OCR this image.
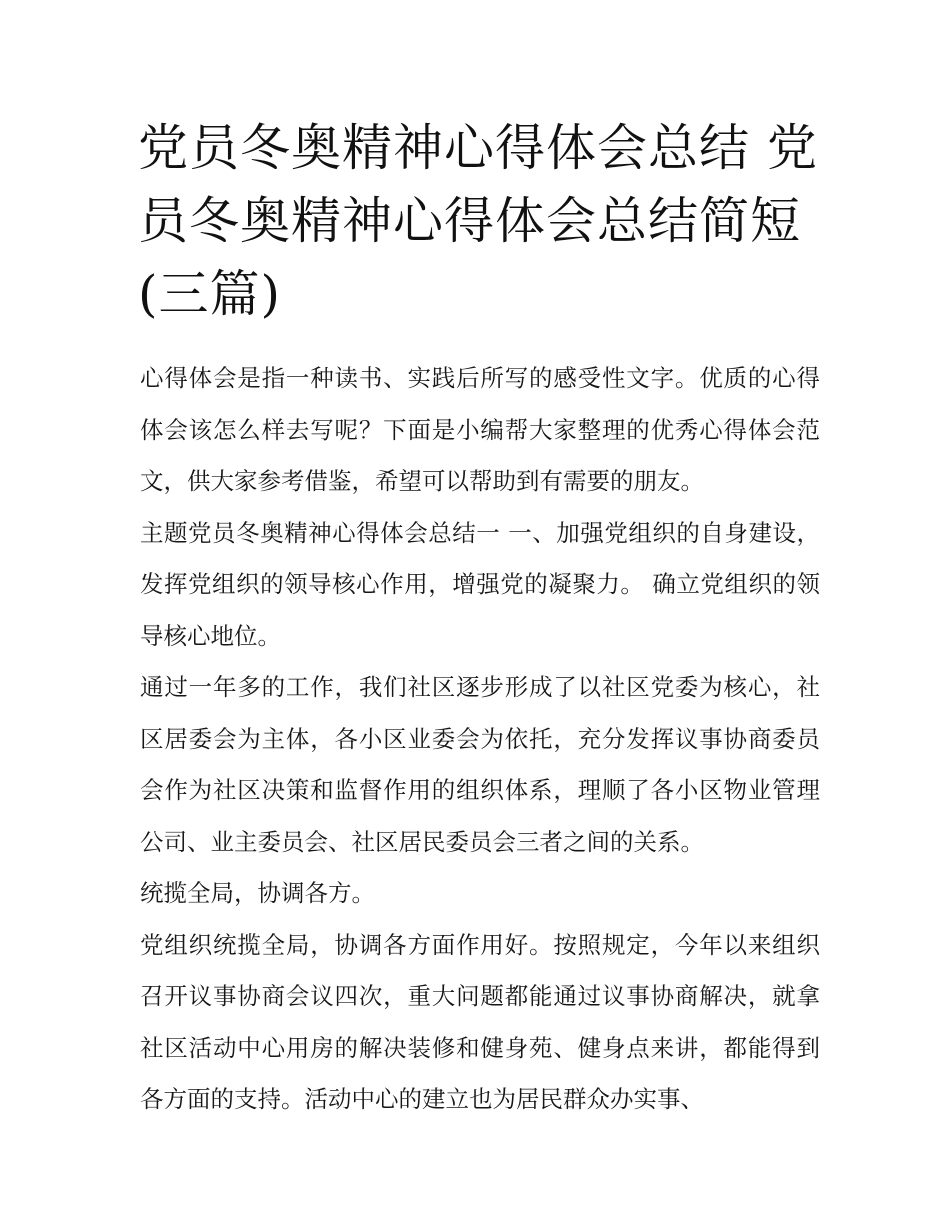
党员冬奥精神心得体会总结 党员冬奥精神心得体会总结简短(三篇)

心得体会是指一种读书、实践后所写的感受性文字。优质的心得体会该怎么样去写呢？下面是小编帮大家整理的优秀心得体会范文，供大家参考借鉴，希望可以帮助到有需要的朋友。

主题党员冬奥精神心得体会总结一 一、加强党组织的自身建设，发挥党组织的领导核心作用，增强党的凝聚力。 确立党组织的领导核心地位。

通过一年多的工作，我们社区逐步形成了以社区党委为核心，社区居委会为主体，各小区业委会为依托，充分发挥议事协商委员会作为社区决策和监督作用的组织体系，理顺了各小区物业管理公司、业主委员会、社区居民委员会三者之间的关系。

统揽全局，协调各方。

党组织统揽全局，协调各方面作用好。按照规定，今年以来组织召开议事协商会议四次，重大问题都能通过议事协商解决，就拿社区活动中心用房的解决装修和健身苑、健身点来讲，都能得到各方面的支持。活动中心的建立也为居民群众办实事、
